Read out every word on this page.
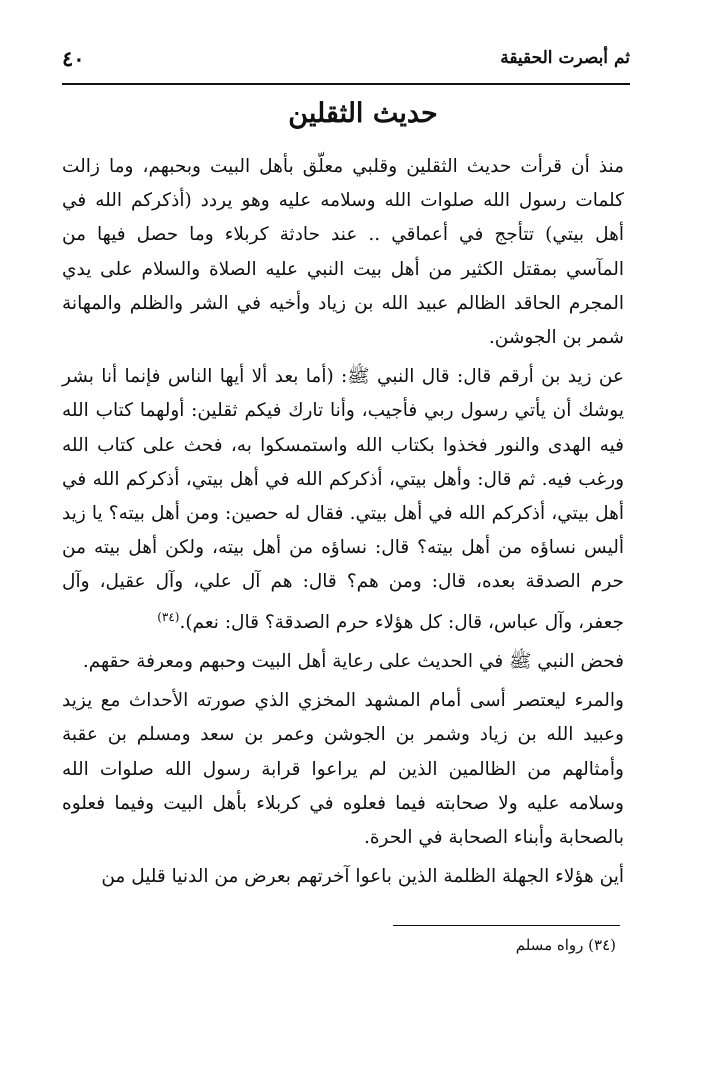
ثم أبصرت الحقيقة
٤٠
حديث الثقلين

منذ أن قرأت حديث الثقلين وقلبي معلّق بأهل البيت وبحبهم، وما زالت كلمات رسول الله صلوات الله وسلامه عليه وهو يردد (أذكركم الله في أهل بيتي) تتأجج في أعماقي .. عند حادثة كربلاء وما حصل فيها من المآسي بمقتل الكثير من أهل بيت النبي عليه الصلاة والسلام على يدي المجرم الحاقد الظالم عبيد الله بن زياد وأخيه في الشر والظلم والمهانة شمر بن الجوشن.

عن زيد بن أرقم قال: قال النبي ﷺ: (أما بعد ألا أيها الناس فإنما أنا بشر يوشك أن يأتي رسول ربي فأجيب، وأنا تارك فيكم ثقلين: أولهما كتاب الله فيه الهدى والنور فخذوا بكتاب الله واستمسكوا به، فحث على كتاب الله ورغب فيه. ثم قال: وأهل بيتي، أذكركم الله في أهل بيتي، أذكركم الله في أهل بيتي، أذكركم الله في أهل بيتي. فقال له حصين: ومن أهل بيته؟ يا زيد أليس نساؤه من أهل بيته؟ قال: نساؤه من أهل بيته، ولكن أهل بيته من حرم الصدقة بعده، قال: ومن هم؟ قال: هم آل علي، وآل عقيل، وآل جعفر، وآل عباس، قال: كل هؤلاء حرم الصدقة؟ قال: نعم).$^{(٣٤)}$

فحض النبي ﷺ في الحديث على رعاية أهل البيت وحبهم ومعرفة حقهم.

والمرء ليعتصر أسى أمام المشهد المخزي الذي صورته الأحداث مع يزيد وعبيد الله بن زياد وشمر بن الجوشن وعمر بن سعد ومسلم بن عقبة وأمثالهم من الظالمين الذين لم يراعوا قرابة رسول الله صلوات الله وسلامه عليه ولا صحابته فيما فعلوه في كربلاء بأهل البيت وفيما فعلوه بالصحابة وأبناء الصحابة في الحرة.

أين هؤلاء الجهلة الظلمة الذين باعوا آخرتهم بعرض من الدنيا قليل من

(٣٤) رواه مسلم
